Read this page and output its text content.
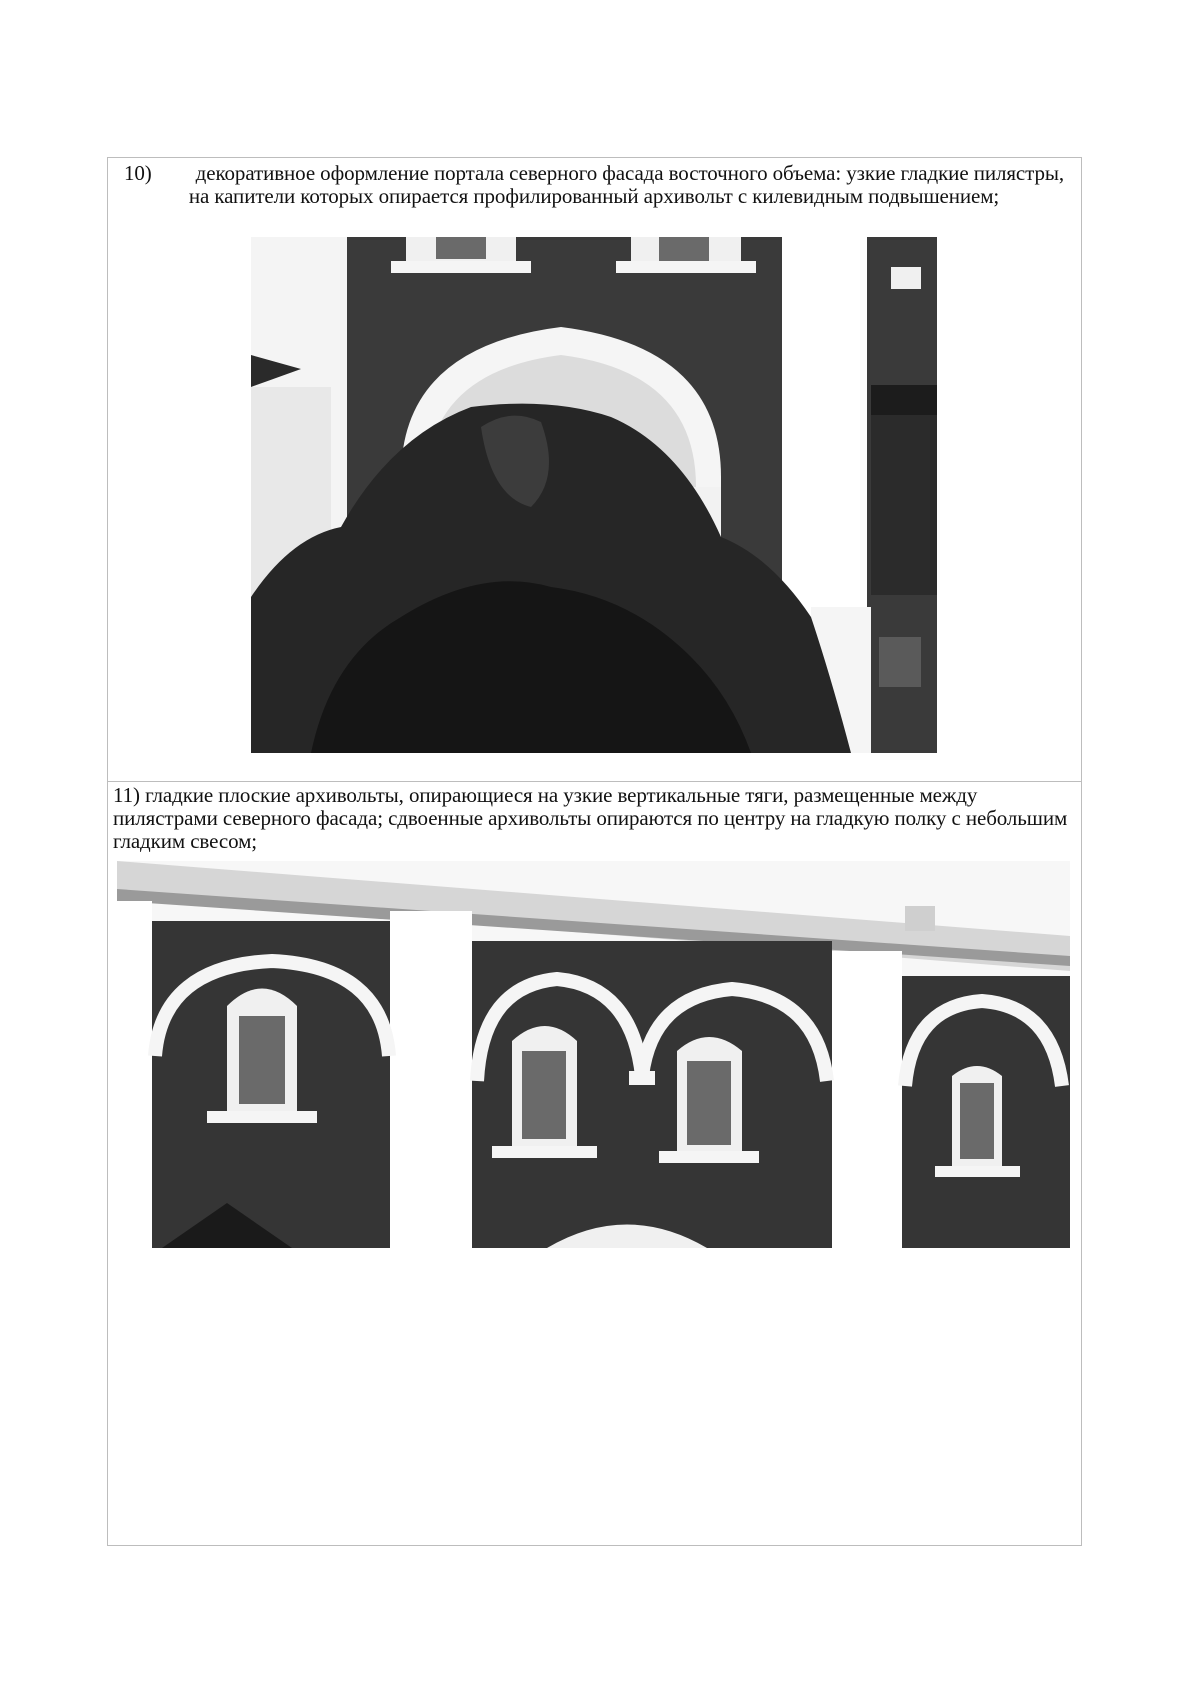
10) декоративное оформление портала северного фасада восточного объема: узкие гладкие пилястры, на капители которых опирается профилированный архивольт с килевидным подвышением;
11) гладкие плоские архивольты, опирающиеся на узкие вертикальные тяги, размещенные между пилястрами северного фасада; сдвоенные архивольты опираются по центру на гладкую полку с небольшим гладким свесом;
